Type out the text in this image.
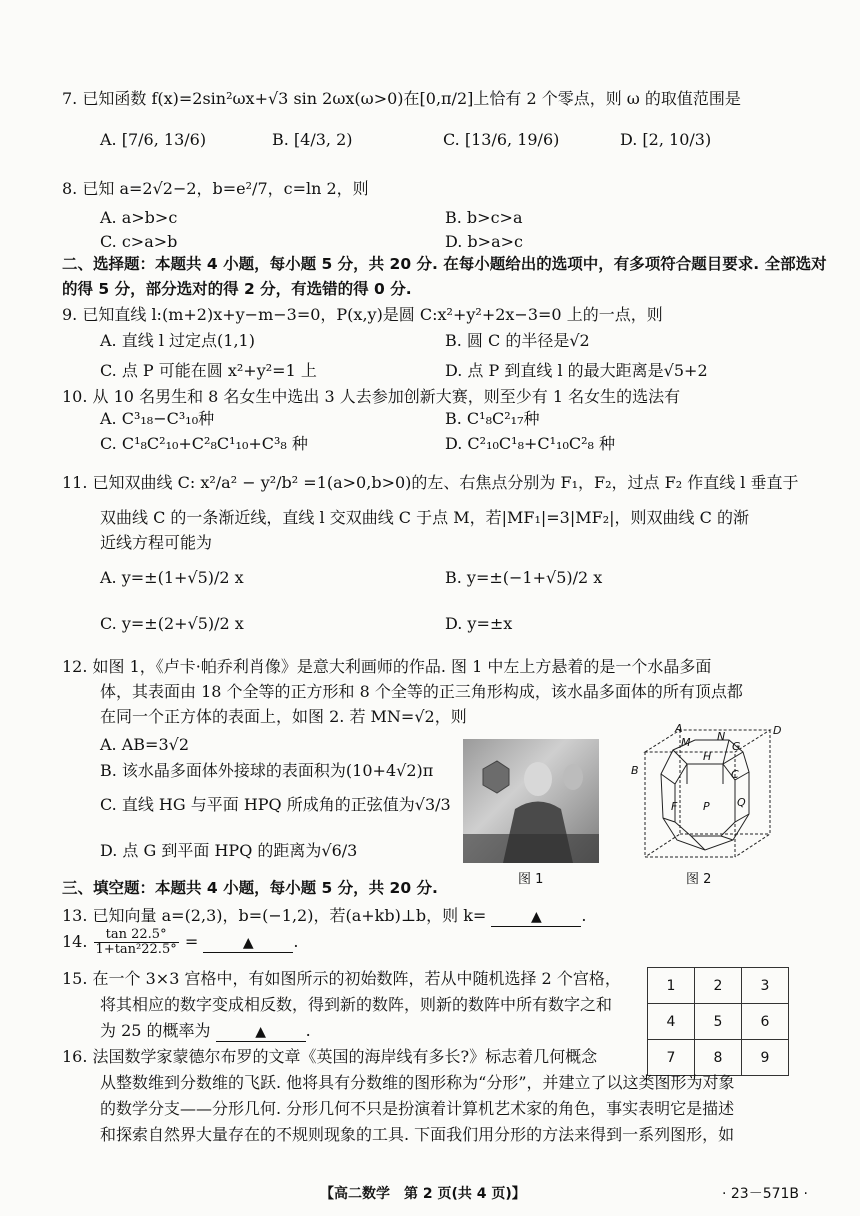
7. 已知函数 f(x)=2sin²ωx+√3 sin 2ωx(ω>0)在[0,π/2]上恰有 2 个零点，则 ω 的取值范围是
A. [7/6, 13/6)	B. [4/3, 2)	C. [13/6, 19/6)	D. [2, 10/3)
8. 已知 a=2√2−2，b=e²/7，c=ln 2，则
A. a>b>c	B. b>c>a
C. c>a>b	D. b>a>c
二、选择题：本题共 4 小题，每小题 5 分，共 20 分. 在每小题给出的选项中，有多项符合题目要求. 全部选对的得 5 分，部分选对的得 2 分，有选错的得 0 分.
9. 已知直线 l:(m+2)x+y−m−3=0，P(x,y)是圆 C:x²+y²+2x−3=0 上的一点，则
A. 直线 l 过定点(1,1)	B. 圆 C 的半径是√2
C. 点 P 可能在圆 x²+y²=1 上	D. 点 P 到直线 l 的最大距离是√5+2
10. 从 10 名男生和 8 名女生中选出 3 人去参加创新大赛，则至少有 1 名女生的选法有
A. C³₁₈−C³₁₀种	B. C¹₈C²₁₇种
C. C¹₈C²₁₀+C²₈C¹₁₀+C³₈ 种	D. C²₁₀C¹₈+C¹₁₀C²₈ 种
11. 已知双曲线 C: x²/a² − y²/b² =1(a>0,b>0)的左、右焦点分别为 F₁，F₂，过点 F₂ 作直线 l 垂直于
双曲线 C 的一条渐近线，直线 l 交双曲线 C 于点 M，若|MF₁|=3|MF₂|，则双曲线 C 的渐
近线方程可能为
A. y=±(1+√5)/2 x	B. y=±(−1+√5)/2 x
C. y=±(2+√5)/2 x	D. y=±x
12. 如图 1，《卢卡·帕乔利肖像》是意大利画师的作品. 图 1 中左上方悬着的是一个水晶多面
体，其表面由 18 个全等的正方形和 8 个全等的正三角形构成，该水晶多面体的所有顶点都
在同一个正方体的表面上，如图 2. 若 MN=√2，则
A. AB=3√2
B. 该水晶多面体外接球的表面积为(10+4√2)π
C. 直线 HG 与平面 HPQ 所成角的正弦值为√3/3
D. 点 G 到平面 HPQ 的距离为√6/3
图 1
A
M
D
B
H
G
C
F P Q
N
图 2
三、填空题：本题共 4 小题，每小题 5 分，共 20 分.
13. 已知向量 a=(2,3)，b=(−1,2)，若(a+kb)⊥b，则 k=	▲ .
14. $\frac{\tan 22.5^\circ}{\text{1+tan²22.5°}}$ =	▲ .
15. 在一个 3×3 宫格中，有如图所示的初始数阵，若从中随机选择 2 个宫格，
将其相应的数字变成相反数，得到新的数阵，则新的数阵中所有数字之和
为 25 的概率为	▲ .
1	2	3
4	5	6
7	8	9
16. 法国数学家蒙德尔布罗的文章《英国的海岸线有多长?》标志着几何概念
从整数维到分数维的飞跃. 他将具有分数维的图形称为“分形”，并建立了以这类图形为对象
的数学分支——分形几何. 分形几何不只是扮演着计算机艺术家的角色，事实表明它是描述
和探索自然界大量存在的不规则现象的工具. 下面我们用分形的方法来得到一系列图形，如
【高二数学　第 2 页(共 4 页)】	· 23－571B ·
